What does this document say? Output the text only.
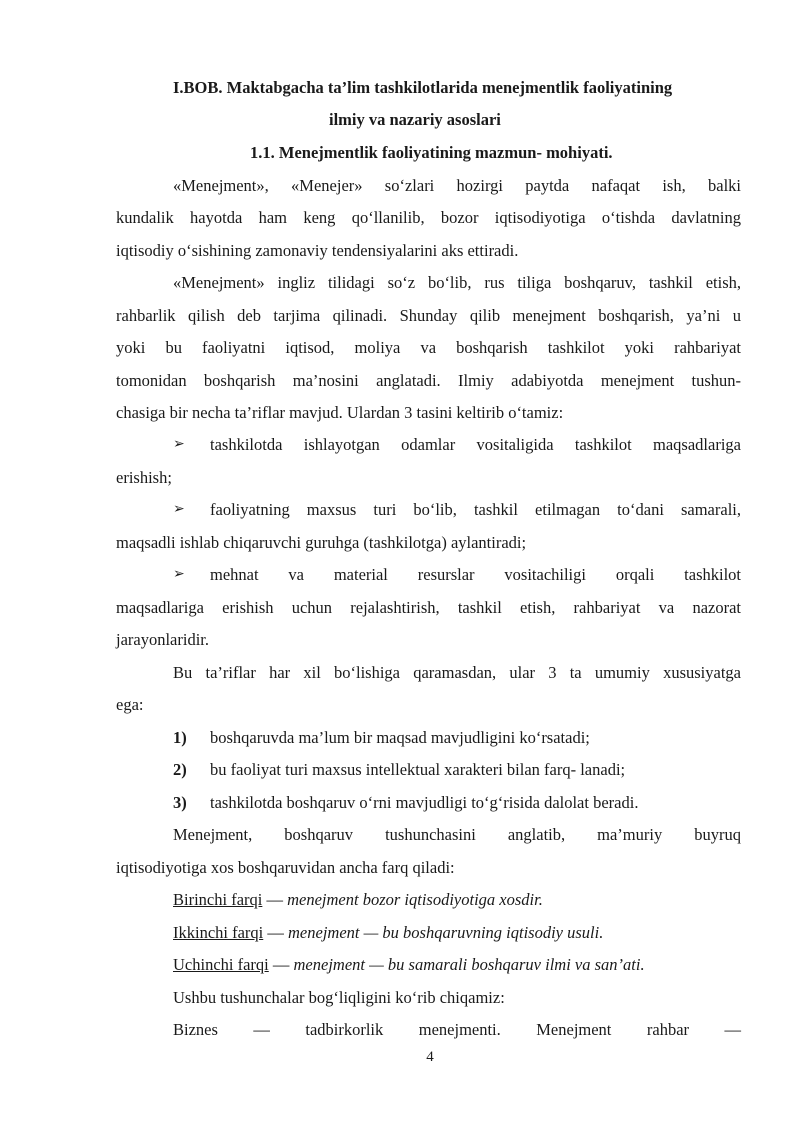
I.BOB. Maktabgacha ta’lim tashkilotlarida menejmentlik faoliyatining
ilmiy va nazariy asoslari
1.1. Menejmentlik faoliyatining mazmun- mohiyati.
«Menejment», «Menejer» so‘zlari hozirgi paytda nafaqat ish, balki
kundalik hayotda ham keng qo‘llanilib, bozor iqtisodiyotiga o‘tishda davlatning
iqtisodiy o‘sishining zamonaviy tendensiyalarini aks ettiradi.
«Menejment» ingliz tilidagi so‘z bo‘lib, rus tiliga boshqaruv, tashkil etish,
rahbarlik qilish deb tarjima qilinadi. Shunday qilib menejment boshqarish, ya’ni u
yoki bu faoliyatni iqtisod, moliya va boshqarish tashkilot yoki rahbariyat
tomonidan boshqarish ma’nosini anglatadi. Ilmiy adabiyotda menejment tushun-
chasiga bir necha ta’riflar mavjud. Ulardan 3 tasini keltirib o‘tamiz:
➢ tashkilotda ishlayotgan odamlar vositaligida tashkilot maqsadlariga
erishish;
➢ faoliyatning maxsus turi bo‘lib, tashkil etilmagan to‘dani samarali,
maqsadli ishlab chiqaruvchi guruhga (tashkilotga) aylantiradi;
➢ mehnat va material resurslar vositachiligi orqali tashkilot
maqsadlariga erishish uchun rejalashtirish, tashkil etish, rahbariyat va nazorat
jarayonlaridir.
Bu ta’riflar har xil bo‘lishiga qaramasdan, ular 3 ta umumiy xususiyatga
ega:
1) boshqaruvda ma’lum bir maqsad mavjudligini ko‘rsatadi;
2) bu faoliyat turi maxsus intellektual xarakteri bilan farq- lanadi;
3) tashkilotda boshqaruv o‘rni mavjudligi to‘g‘risida dalolat beradi.
Menejment, boshqaruv tushunchasini anglatib, ma’muriy buyruq
iqtisodiyotiga xos boshqaruvidan ancha farq qiladi:
Birinchi farqi — menejment bozor iqtisodiyotiga xosdir.
Ikkinchi farqi — menejment — bu boshqaruvning iqtisodiy usuli.
Uchinchi farqi — menejment — bu samarali boshqaruv ilmi va san’ati.
Ushbu tushunchalar bog‘liqligini ko‘rib chiqamiz:
Biznes — tadbirkorlik menejmenti. Menejment rahbar —
4
